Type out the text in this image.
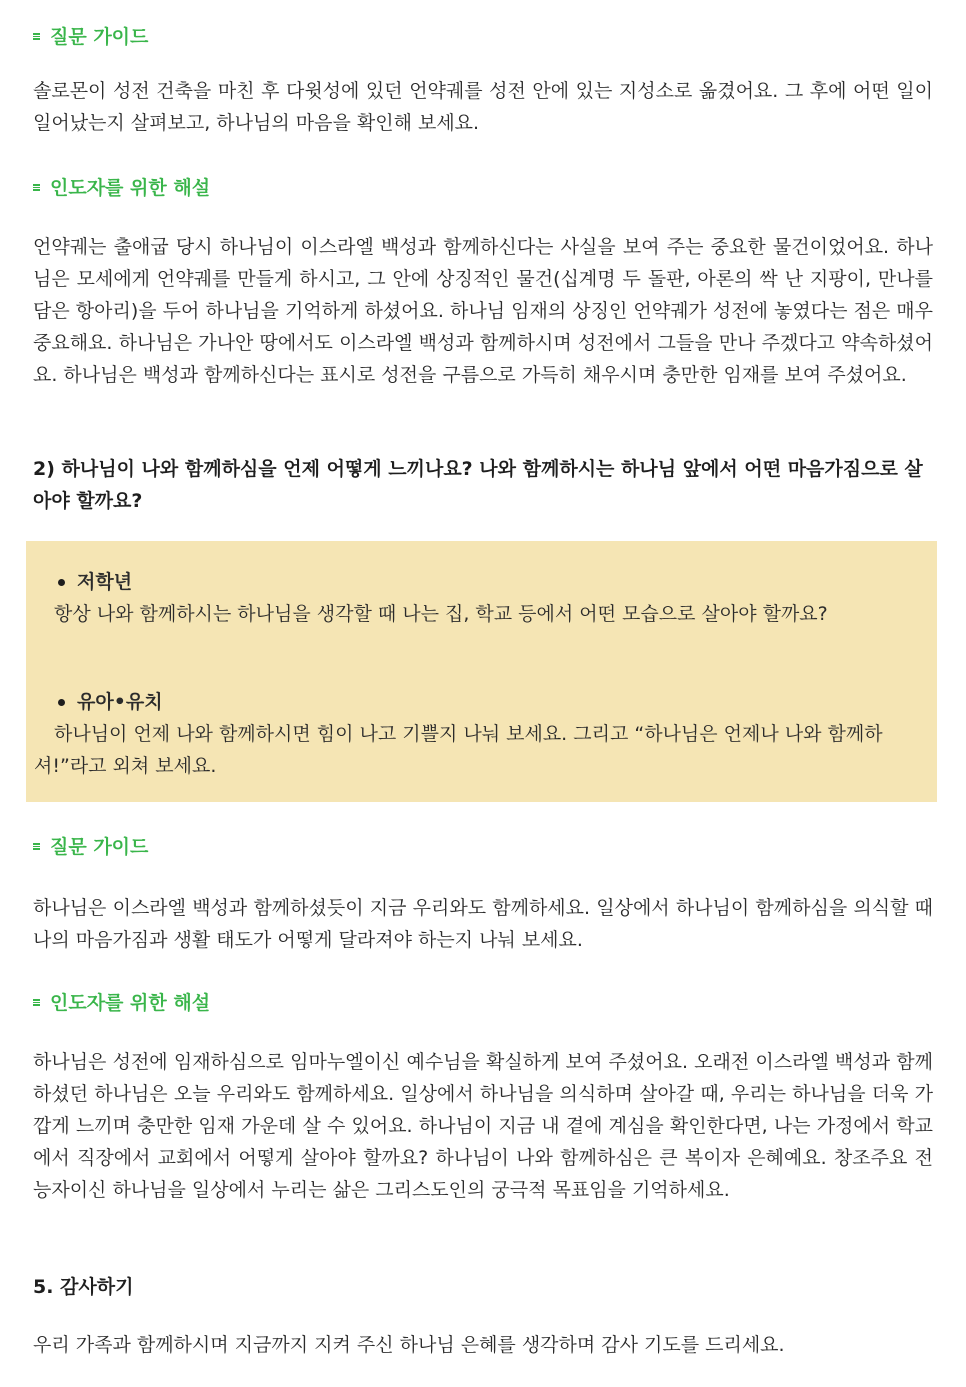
질문 가이드
솔로몬이 성전 건축을 마친 후 다윗성에 있던 언약궤를 성전 안에 있는 지성소로 옮겼어요. 그 후에 어떤 일이 일어났는지 살펴보고, 하나님의 마음을 확인해 보세요.
인도자를 위한 해설
언약궤는 출애굽 당시 하나님이 이스라엘 백성과 함께하신다는 사실을 보여 주는 중요한 물건이었어요. 하나님은 모세에게 언약궤를 만들게 하시고, 그 안에 상징적인 물건(십계명 두 돌판, 아론의 싹 난 지팡이, 만나를 담은 항아리)을 두어 하나님을 기억하게 하셨어요. 하나님 임재의 상징인 언약궤가 성전에 놓였다는 점은 매우 중요해요. 하나님은 가나안 땅에서도 이스라엘 백성과 함께하시며 성전에서 그들을 만나 주겠다고 약속하셨어요. 하나님은 백성과 함께하신다는 표시로 성전을 구름으로 가득히 채우시며 충만한 임재를 보여 주셨어요.
2) 하나님이 나와 함께하심을 언제 어떻게 느끼나요? 나와 함께하시는 하나님 앞에서 어떤 마음가짐으로 살아야 할까요?
저학년
항상 나와 함께하시는 하나님을 생각할 때 나는 집, 학교 등에서 어떤 모습으로 살아야 할까요?
유아•유치
하나님이 언제 나와 함께하시면 힘이 나고 기쁠지 나눠 보세요. 그리고 “하나님은 언제나 나와 함께하셔!”라고 외쳐 보세요.
질문 가이드
하나님은 이스라엘 백성과 함께하셨듯이 지금 우리와도 함께하세요. 일상에서 하나님이 함께하심을 의식할 때 나의 마음가짐과 생활 태도가 어떻게 달라져야 하는지 나눠 보세요.
인도자를 위한 해설
하나님은 성전에 임재하심으로 임마누엘이신 예수님을 확실하게 보여 주셨어요. 오래전 이스라엘 백성과 함께하셨던 하나님은 오늘 우리와도 함께하세요. 일상에서 하나님을 의식하며 살아갈 때, 우리는 하나님을 더욱 가깝게 느끼며 충만한 임재 가운데 살 수 있어요. 하나님이 지금 내 곁에 계심을 확인한다면, 나는 가정에서 학교에서 직장에서 교회에서 어떻게 살아야 할까요? 하나님이 나와 함께하심은 큰 복이자 은혜예요. 창조주요 전능자이신 하나님을 일상에서 누리는 삶은 그리스도인의 궁극적 목표임을 기억하세요.
5. 감사하기
우리 가족과 함께하시며 지금까지 지켜 주신 하나님 은혜를 생각하며 감사 기도를 드리세요.
